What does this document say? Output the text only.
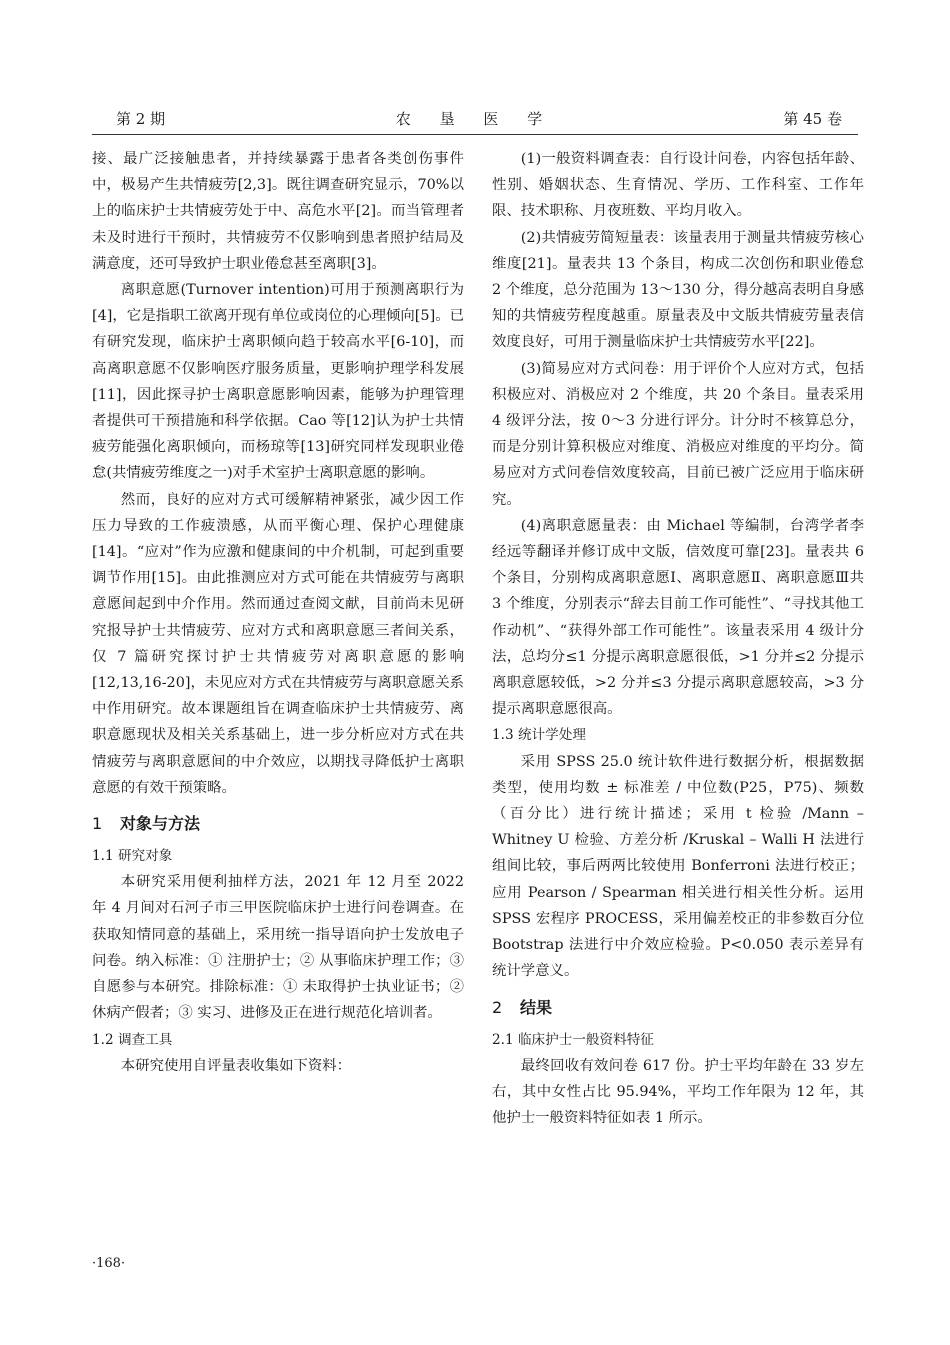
第 2 期	农 垦 医 学	第 45 卷

接、最广泛接触患者，并持续暴露于患者各类创伤事件中，极易产生共情疲劳[2,3]。既往调查研究显示，70%以上的临床护士共情疲劳处于中、高危水平[2]。而当管理者未及时进行干预时，共情疲劳不仅影响到患者照护结局及满意度，还可导致护士职业倦怠甚至离职[3]。

离职意愿(Turnover intention)可用于预测离职行为[4]，它是指职工欲离开现有单位或岗位的心理倾向[5]。已有研究发现，临床护士离职倾向趋于较高水平[6-10]，而高离职意愿不仅影响医疗服务质量，更影响护理学科发展[11]，因此探寻护士离职意愿影响因素，能够为护理管理者提供可干预措施和科学依据。Cao 等[12]认为护士共情疲劳能强化离职倾向，而杨琼等[13]研究同样发现职业倦怠(共情疲劳维度之一)对手术室护士离职意愿的影响。

然而，良好的应对方式可缓解精神紧张，减少因工作压力导致的工作疲溃感，从而平衡心理、保护心理健康[14]。“应对”作为应激和健康间的中介机制，可起到重要调节作用[15]。由此推测应对方式可能在共情疲劳与离职意愿间起到中介作用。然而通过查阅文献，目前尚未见研究报导护士共情疲劳、应对方式和离职意愿三者间关系，仅 7 篇研究探讨护士共情疲劳对离职意愿的影响[12,13,16-20]，未见应对方式在共情疲劳与离职意愿关系中作用研究。故本课题组旨在调查临床护士共情疲劳、离职意愿现状及相关关系基础上，进一步分析应对方式在共情疲劳与离职意愿间的中介效应，以期找寻降低护士离职意愿的有效干预策略。

1 对象与方法
1.1 研究对象

本研究采用便利抽样方法，2021 年 12 月至 2022 年 4 月间对石河子市三甲医院临床护士进行问卷调查。在获取知情同意的基础上，采用统一指导语向护士发放电子问卷。纳入标准：① 注册护士；② 从事临床护理工作；③ 自愿参与本研究。排除标准：① 未取得护士执业证书；② 休病产假者；③ 实习、进修及正在进行规范化培训者。

1.2 调查工具

本研究使用自评量表收集如下资料：

(1)一般资料调查表：自行设计问卷，内容包括年龄、性别、婚姻状态、生育情况、学历、工作科室、工作年限、技术职称、月夜班数、平均月收入。

(2)共情疲劳简短量表：该量表用于测量共情疲劳核心维度[21]。量表共 13 个条目，构成二次创伤和职业倦怠 2 个维度，总分范围为 13～130 分，得分越高表明自身感知的共情疲劳程度越重。原量表及中文版共情疲劳量表信效度良好，可用于测量临床护士共情疲劳水平[22]。

(3)简易应对方式问卷：用于评价个人应对方式，包括积极应对、消极应对 2 个维度，共 20 个条目。量表采用 4 级评分法，按 0～3 分进行评分。计分时不核算总分，而是分别计算积极应对维度、消极应对维度的平均分。简易应对方式问卷信效度较高，目前已被广泛应用于临床研究。

(4)离职意愿量表：由 Michael 等编制，台湾学者李经远等翻译并修订成中文版，信效度可靠[23]。量表共 6 个条目，分别构成离职意愿Ⅰ、离职意愿Ⅱ、离职意愿Ⅲ共 3 个维度，分别表示“辞去目前工作可能性”、“寻找其他工作动机”、“获得外部工作可能性”。该量表采用 4 级计分法，总均分≤1 分提示离职意愿很低，>1 分并≤2 分提示离职意愿较低，>2 分并≤3 分提示离职意愿较高，>3 分提示离职意愿很高。

1.3 统计学处理

采用 SPSS 25.0 统计软件进行数据分析，根据数据类型，使用均数 ± 标准差 / 中位数(P25，P75)、频数（百分比）进行统计描述；采用 t 检验 /Mann – Whitney U 检验、方差分析 /Kruskal – Walli H 法进行组间比较，事后两两比较使用 Bonferroni 法进行校正；应用 Pearson / Spearman 相关进行相关性分析。运用 SPSS 宏程序 PROCESS，采用偏差校正的非参数百分位 Bootstrap 法进行中介效应检验。P<0.050 表示差异有统计学意义。

2 结果
2.1 临床护士一般资料特征

最终回收有效问卷 617 份。护士平均年龄在 33 岁左右，其中女性占比 95.94%，平均工作年限为 12 年，其他护士一般资料特征如表 1 所示。

·168·
